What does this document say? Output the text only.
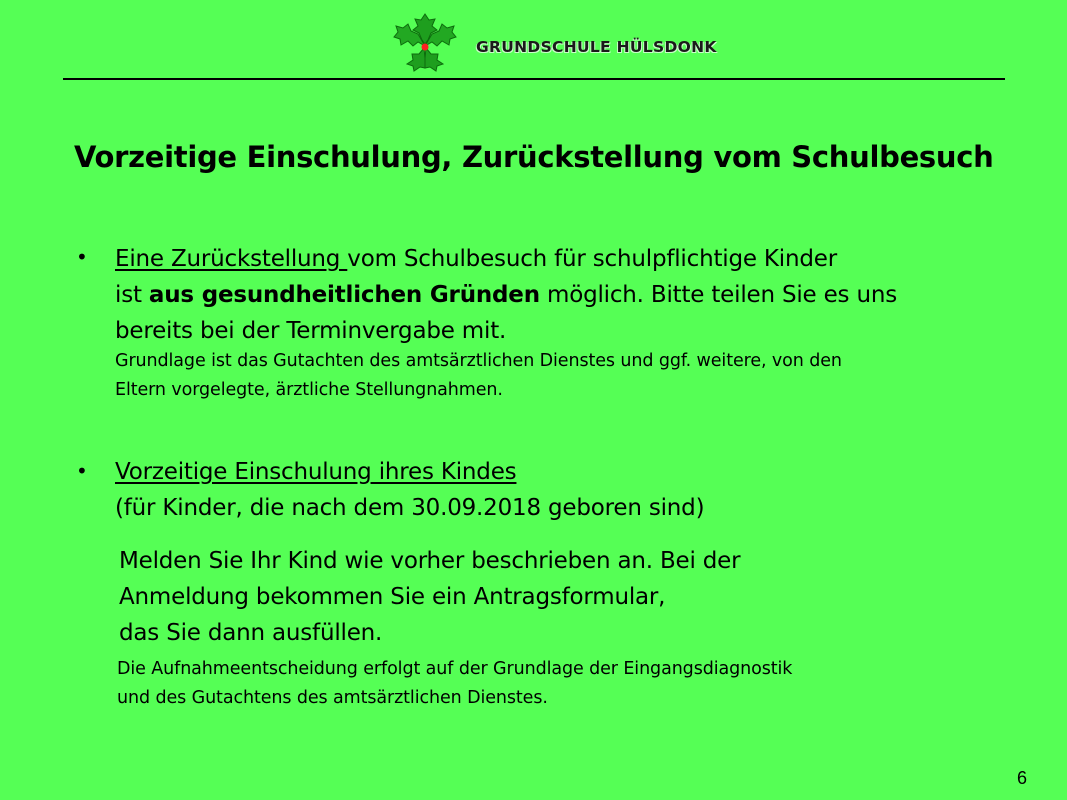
GRUNDSCHULE HÜLSDONK
Vorzeitige Einschulung, Zurückstellung vom Schulbesuch
• Eine Zurückstellung vom Schulbesuch für schulpflichtige Kinder
ist aus gesundheitlichen Gründen möglich. Bitte teilen Sie es uns
bereits bei der Terminvergabe mit.
Grundlage ist das Gutachten des amtsärztlichen Dienstes und ggf. weitere, von den
Eltern vorgelegte, ärztliche Stellungnahmen.
• Vorzeitige Einschulung ihres Kindes
(für Kinder, die nach dem 30.09.2018 geboren sind)
Melden Sie Ihr Kind wie vorher beschrieben an. Bei der
Anmeldung bekommen Sie ein Antragsformular,
das Sie dann ausfüllen.
Die Aufnahmeentscheidung erfolgt auf der Grundlage der Eingangsdiagnostik
und des Gutachtens des amtsärztlichen Dienstes.
6
